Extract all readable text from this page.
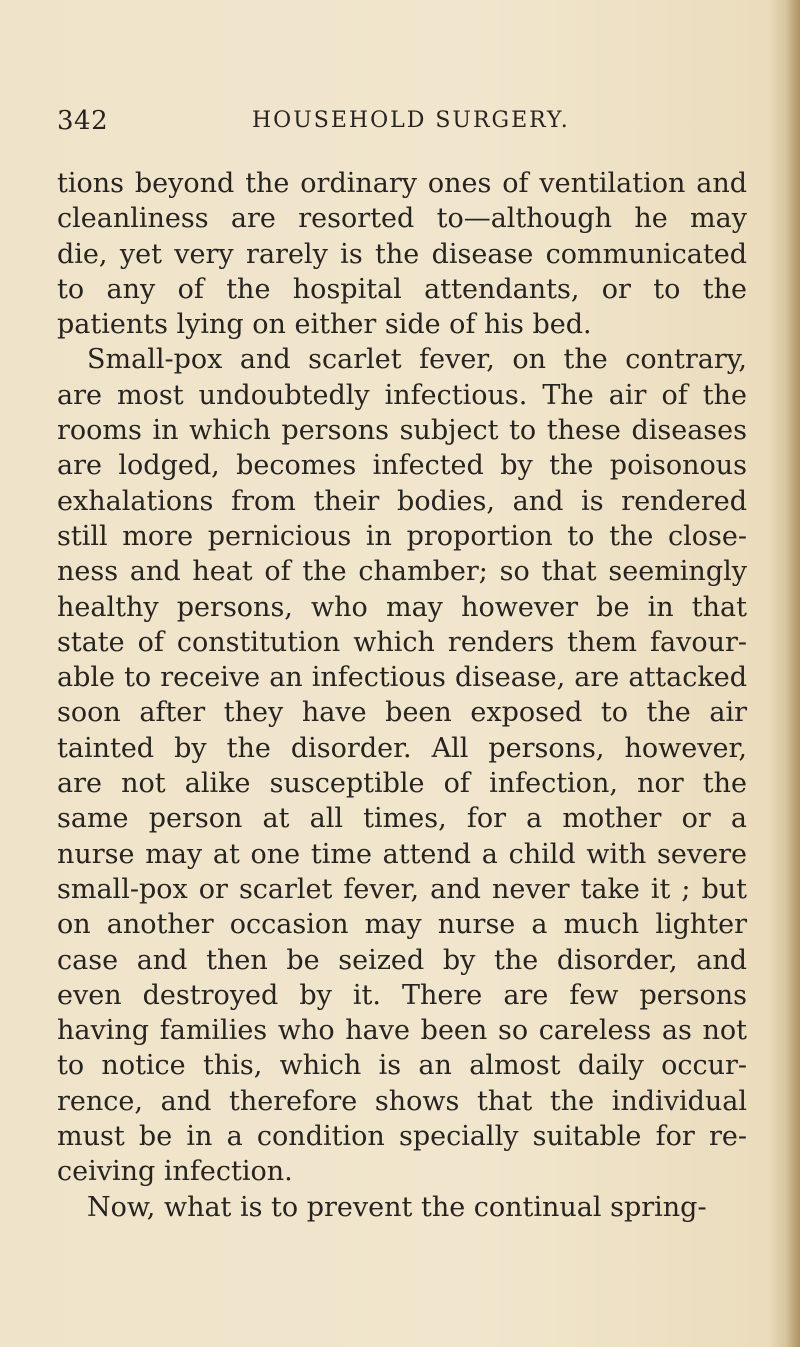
342	HOUSEHOLD SURGERY.
tions beyond the ordinary ones of ventilation and
cleanliness are resorted to—although he may
die, yet very rarely is the disease communicated
to any of the hospital attendants, or to the
patients lying on either side of his bed.
Small-pox and scarlet fever, on the contrary,
are most undoubtedly infectious. The air of the
rooms in which persons subject to these diseases
are lodged, becomes infected by the poisonous
exhalations from their bodies, and is rendered
still more pernicious in proportion to the close-
ness and heat of the chamber; so that seemingly
healthy persons, who may however be in that
state of constitution which renders them favour-
able to receive an infectious disease, are attacked
soon after they have been exposed to the air
tainted by the disorder. All persons, however,
are not alike susceptible of infection, nor the
same person at all times, for a mother or a
nurse may at one time attend a child with severe
small-pox or scarlet fever, and never take it ; but
on another occasion may nurse a much lighter
case and then be seized by the disorder, and
even destroyed by it. There are few persons
having families who have been so careless as not
to notice this, which is an almost daily occur-
rence, and therefore shows that the individual
must be in a condition specially suitable for re-
ceiving infection.
Now, what is to prevent the continual spring-
